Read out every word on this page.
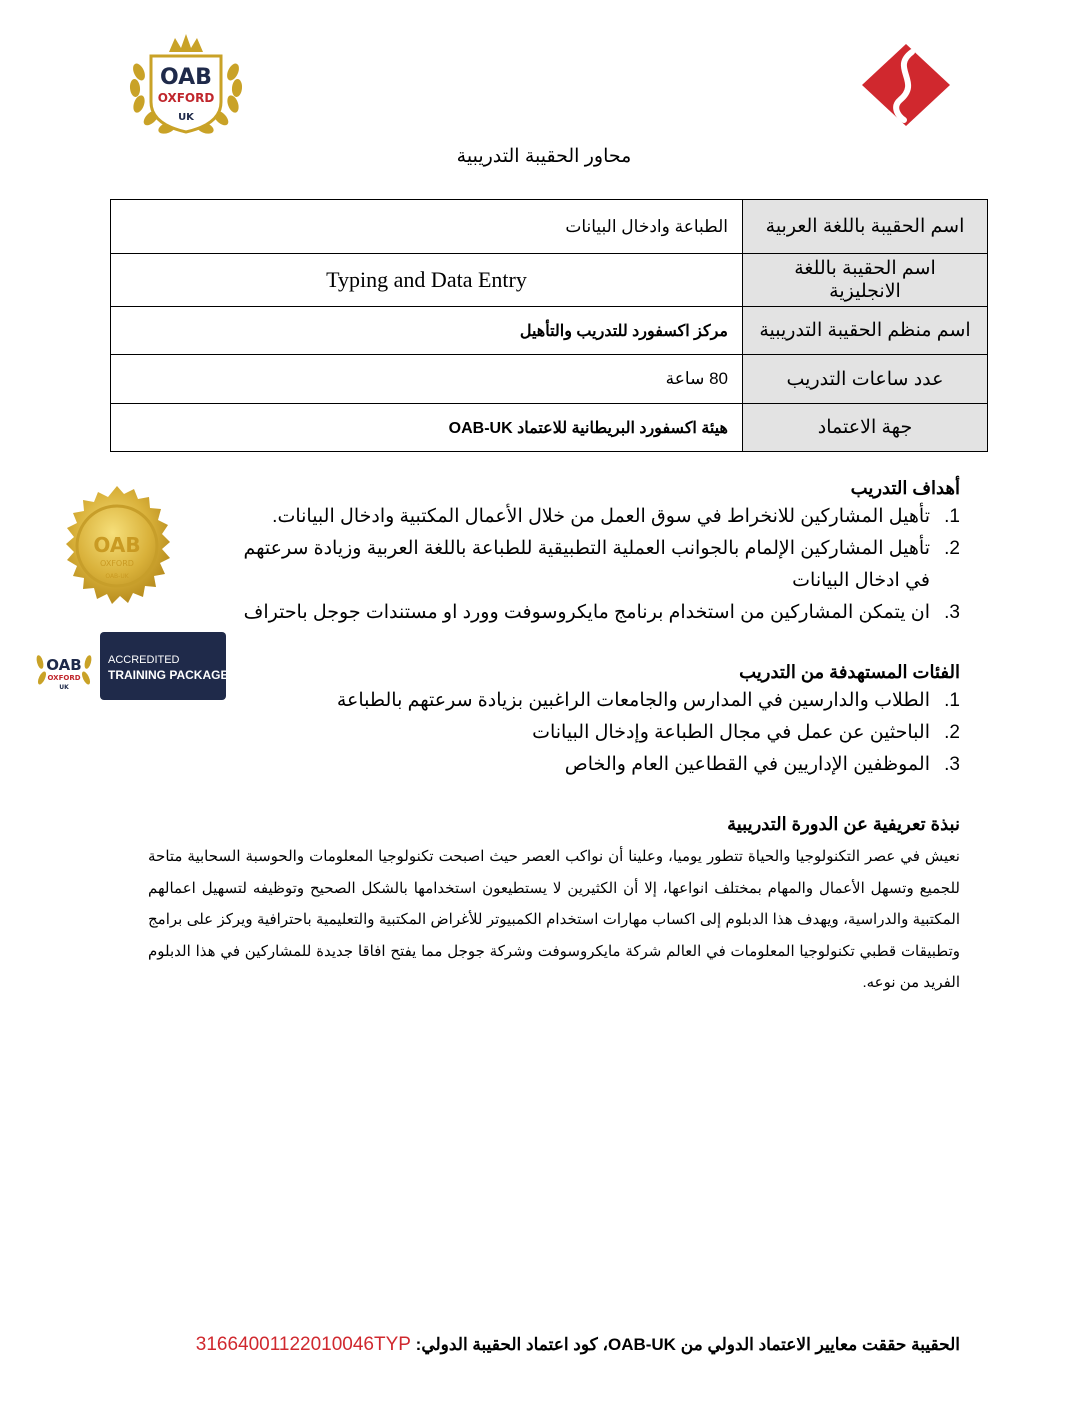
OAB
OXFORD
UK
محاور الحقيبة التدريبية
الطباعة وادخال البيانات	اسم الحقيبة باللغة العربية
Typing and Data Entry	اسم الحقيبة باللغة الانجليزية
مركز اكسفورد للتدريب والتأهيل	اسم منظم الحقيبة التدريبية
80 ساعة	عدد ساعات التدريب
هيئة اكسفورد البريطانية للاعتماد OAB-UK	جهة الاعتماد
OAB
OXFORD
OAB-UK
OAB
OXFORD
UK
ACCREDITED
TRAINING PACKAGE
أهداف التدريب
1.
تأهيل المشاركين للانخراط في سوق العمل من خلال الأعمال المكتبية وادخال البيانات.
2.
تأهيل المشاركين الإلمام بالجوانب العملية التطبيقية للطباعة باللغة العربية وزيادة سرعتهم في ادخال البيانات
3.
ان يتمكن المشاركين من استخدام برنامج مايكروسوفت وورد او مستندات جوجل باحتراف
الفئات المستهدفة من التدريب
1.
الطلاب والدارسين في المدارس والجامعات الراغبين بزيادة سرعتهم بالطباعة
2.
الباحثين عن عمل في مجال الطباعة وإدخال البيانات
3.
الموظفين الإداريين في القطاعين العام والخاص
نبذة تعريفية عن الدورة التدريبية

نعيش في عصر التكنولوجيا والحياة تتطور يوميا، وعلينا أن نواكب العصر حيث اصبحت تكنولوجيا المعلومات والحوسبة السحابية متاحة للجميع وتسهل الأعمال والمهام بمختلف انواعها، إلا أن الكثيرين لا يستطيعون استخدامها بالشكل الصحيح وتوظيفه لتسهيل اعمالهم المكتبية والدراسية، ويهدف هذا الدبلوم إلى اكساب مهارات استخدام الكمبيوتر للأغراض المكتبية والتعليمية باحترافية ويركز على برامج وتطبيقات قطبي تكنولوجيا المعلومات في العالم شركة مايكروسوفت وشركة جوجل مما يفتح افاقا جديدة للمشاركين في هذا الدبلوم الفريد من نوعه.

الحقيبة حققت معايير الاعتماد الدولي من OAB-UK، كود اعتماد الحقيبة الدولي: 31664001122010046TYP
